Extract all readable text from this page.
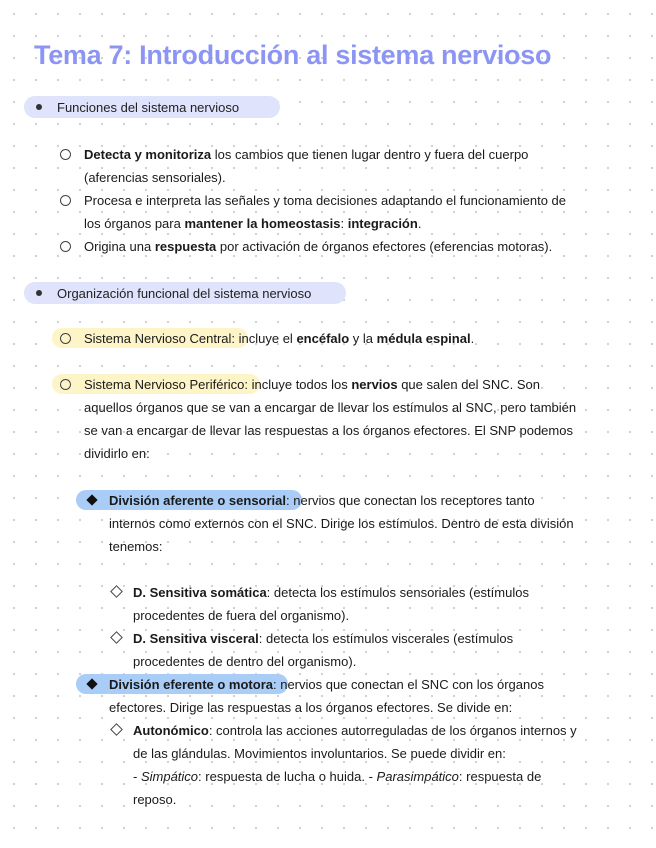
Tema 7: Introducción al sistema nervioso
Funciones del sistema nervioso
Detecta y monitoriza los cambios que tienen lugar dentro y fuera del cuerpo
(aferencias sensoriales).
Procesa e interpreta las señales y toma decisiones adaptando el funcionamiento de
los órganos para mantener la homeostasis: integración.
Origina una respuesta por activación de órganos efectores (eferencias motoras).
Organización funcional del sistema nervioso
Sistema Nervioso Central: incluye el encéfalo y la médula espinal.
Sistema Nervioso Periférico: incluye todos los nervios que salen del SNC. Son
aquellos órganos que se van a encargar de llevar los estímulos al SNC, pero también
se van a encargar de llevar las respuestas a los órganos efectores. El SNP podemos
dividirlo en:
División aferente o sensorial: nervios que conectan los receptores tanto
internos como externos con el SNC. Dirige los estímulos. Dentro de esta división
tenemos:
D. Sensitiva somática: detecta los estímulos sensoriales (estímulos
procedentes de fuera del organismo).
D. Sensitiva visceral: detecta los estímulos viscerales (estímulos
procedentes de dentro del organismo).
División eferente o motora: nervios que conectan el SNC con los órganos
efectores. Dirige las respuestas a los órganos efectores. Se divide en:
Autonómico: controla las acciones autorreguladas de los órganos internos y
de las glándulas. Movimientos involuntarios. Se puede dividir en:
- Simpático: respuesta de lucha o huida. - Parasimpático: respuesta de
reposo.
